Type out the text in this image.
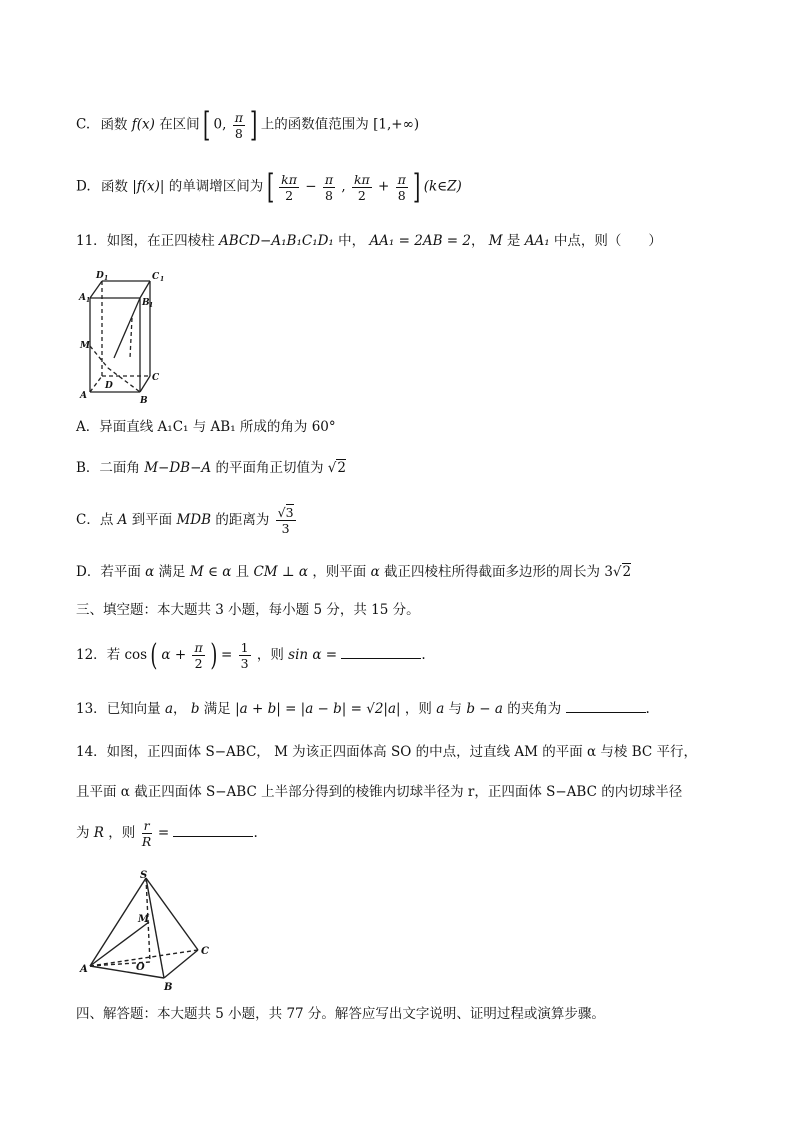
C. 函数 f(x) 在区间 [ 0, $\frac{\pi}{8}$ ] 上的函数值范围为 [1,+∞)
D. 函数 |f(x)| 的单调增区间为 [ $\frac{k\pi}{2} - \frac{\pi}{8}$ , $\frac{k\pi}{2} + \frac{\pi}{8}$ ] (k∈Z)
11．如图，在正四棱柱 ABCD−A₁B₁C₁D₁ 中， AA₁ = 2AB = 2， M 是 AA₁ 中点，则（　　）
D 1	C 1
A 1	B 1
M
D
C
A	B
A．异面直线 A₁C₁ 与 AB₁ 所成的角为 60°
B．二面角 M−DB−A 的平面角正切值为 √2
C．点 A 到平面 MDB 的距离为 $\frac{√3}{3}$
D．若平面 α 满足 M ∈ α 且 CM ⊥ α ，则平面 α 截正四棱柱所得截面多边形的周长为 3√2
三、填空题：本大题共 3 小题，每小题 5 分，共 15 分。
12．若 cos ( $\alpha + \frac{\pi}{2}$ ) = $\frac{1}{3}$ ，则 sin α =	.
13．已知向量 a， b 满足 |a + b| = |a − b| = √2|a| ，则 a 与 b − a 的夹角为	.
14．如图，正四面体 S−ABC， M 为该正四面体高 SO 的中点，过直线 AM 的平面 α 与棱 BC 平行，
且平面 α 截正四面体 S−ABC 上半部分得到的棱锥内切球半径为 r，正四面体 S−ABC 的内切球半径
为 R ，则 $\frac{r}{R}$ =	.
S
M
A	O
C
B
四、解答题：本大题共 5 小题，共 77 分。解答应写出文字说明、证明过程或演算步骤。
